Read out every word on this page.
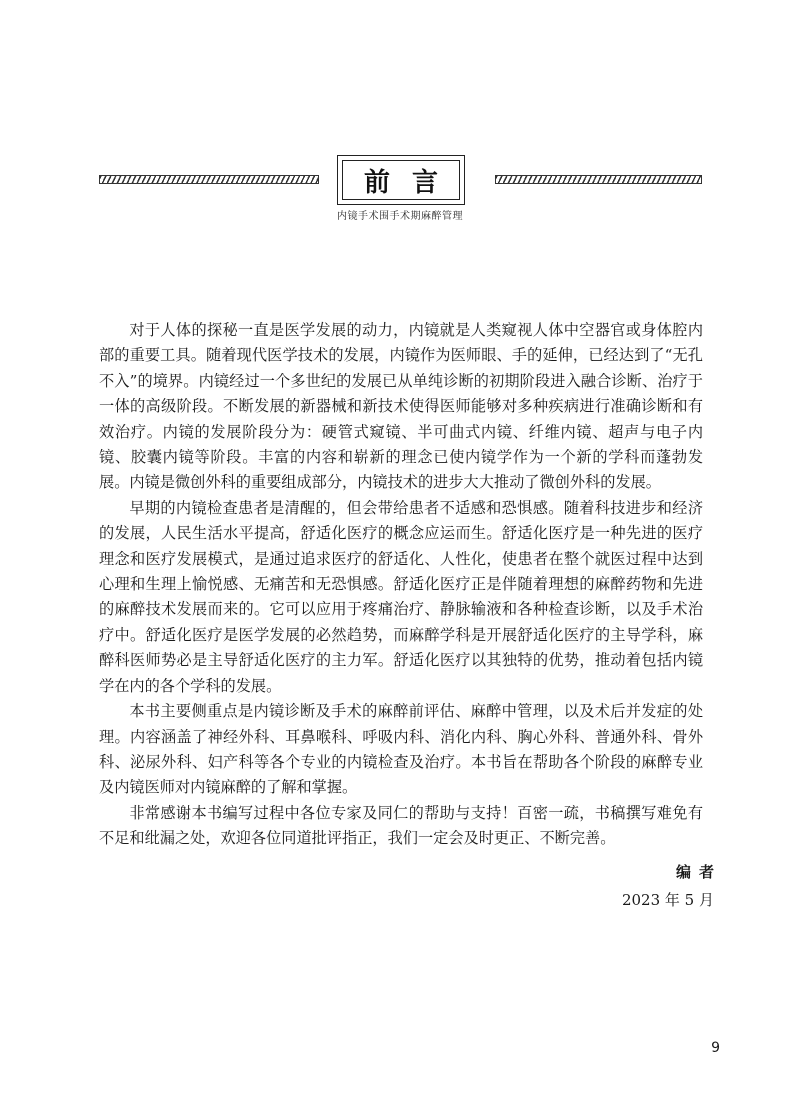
前言
内镜手术围手术期麻醉管理

对于人体的探秘一直是医学发展的动力，内镜就是人类窥视人体中空器官或身体腔内部的重要工具。随着现代医学技术的发展，内镜作为医师眼、手的延伸，已经达到了“无孔不入”的境界。内镜经过一个多世纪的发展已从单纯诊断的初期阶段进入融合诊断、治疗于一体的高级阶段。不断发展的新器械和新技术使得医师能够对多种疾病进行准确诊断和有效治疗。内镜的发展阶段分为：硬管式窥镜、半可曲式内镜、纤维内镜、超声与电子内镜、胶囊内镜等阶段。丰富的内容和崭新的理念已使内镜学作为一个新的学科而蓬勃发展。内镜是微创外科的重要组成部分，内镜技术的进步大大推动了微创外科的发展。

早期的内镜检查患者是清醒的，但会带给患者不适感和恐惧感。随着科技进步和经济的发展，人民生活水平提高，舒适化医疗的概念应运而生。舒适化医疗是一种先进的医疗理念和医疗发展模式，是通过追求医疗的舒适化、人性化，使患者在整个就医过程中达到心理和生理上愉悦感、无痛苦和无恐惧感。舒适化医疗正是伴随着理想的麻醉药物和先进的麻醉技术发展而来的。它可以应用于疼痛治疗、静脉输液和各种检查诊断，以及手术治疗中。舒适化医疗是医学发展的必然趋势，而麻醉学科是开展舒适化医疗的主导学科，麻醉科医师势必是主导舒适化医疗的主力军。舒适化医疗以其独特的优势，推动着包括内镜学在内的各个学科的发展。

本书主要侧重点是内镜诊断及手术的麻醉前评估、麻醉中管理，以及术后并发症的处理。内容涵盖了神经外科、耳鼻喉科、呼吸内科、消化内科、胸心外科、普通外科、骨外科、泌尿外科、妇产科等各个专业的内镜检查及治疗。本书旨在帮助各个阶段的麻醉专业及内镜医师对内镜麻醉的了解和掌握。

非常感谢本书编写过程中各位专家及同仁的帮助与支持！百密一疏，书稿撰写难免有不足和纰漏之处，欢迎各位同道批评指正，我们一定会及时更正、不断完善。

编者
2023 年 5 月
9
